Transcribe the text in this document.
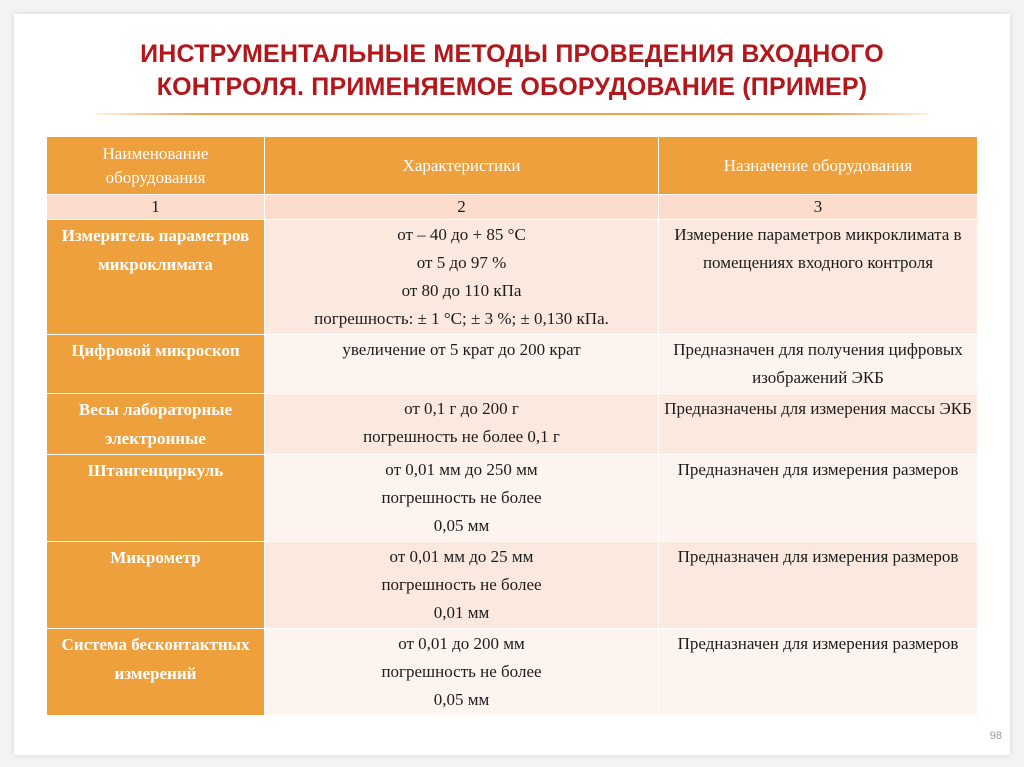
ИНСТРУМЕНТАЛЬНЫЕ МЕТОДЫ ПРОВЕДЕНИЯ ВХОДНОГО
КОНТРОЛЯ. ПРИМЕНЯЕМОЕ ОБОРУДОВАНИЕ (ПРИМЕР)
Наименование оборудования	Характеристики	Назначение оборудования
1	2	3
Измеритель параметров микроклимата	от – 40 до + 85 °С
от 5 до 97 %
от 80 до 110 кПа
погрешность: ± 1 °С; ± 3 %; ± 0,130 кПа.	Измерение параметров микроклимата в помещениях входного контроля
Цифровой микроскоп	увеличение от 5 крат до 200 крат	Предназначен для получения цифровых изображений ЭКБ
Весы лабораторные электронные	от 0,1 г до 200 г
погрешность не более 0,1 г	Предназначены для измерения массы ЭКБ
Штангенциркуль	от 0,01 мм до 250 мм
погрешность не более
0,05 мм	Предназначен для измерения размеров
Микрометр	от 0,01 мм до 25 мм
погрешность не более
0,01 мм	Предназначен для измерения размеров
Система бесконтактных измерений	от 0,01 до 200 мм
погрешность не более
0,05 мм	Предназначен для измерения размеров
98
